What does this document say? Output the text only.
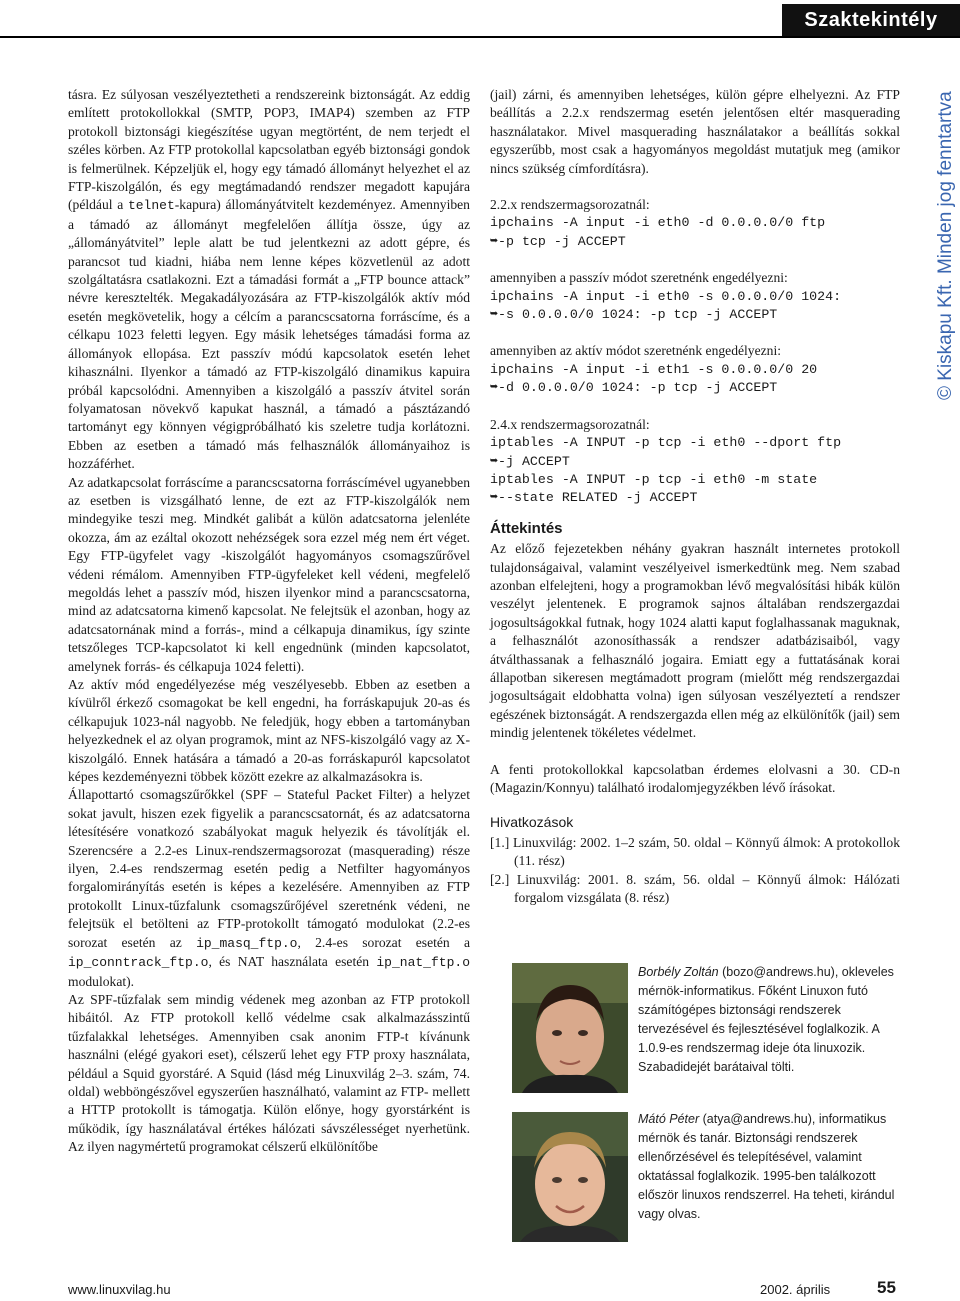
Szaktekintély

tásra. Ez súlyosan veszélyeztetheti a rendszereink biztonságát. Az eddig említett protokollokkal (SMTP, POP3, IMAP4) szemben az FTP protokoll biztonsági kiegészítése ugyan megtörtént, de nem terjedt el széles körben. Az FTP protokollal kapcsolatban egyéb biztonsági gondok is felmerülnek. Képzeljük el, hogy egy támadó állományt helyezhet el az FTP-kiszolgálón, és egy megtámadandó rendszer megadott kapujára (például a telnet-kapura) állományátvitelt kezdeményez. Amennyiben a támadó az állományt megfelelően állítja össze, úgy az „állományátvitel” leple alatt be tud jelentkezni az adott gépre, és parancsot tud kiadni, hiába nem lenne képes közvetlenül az adott szolgáltatásra csatlakozni. Ezt a támadási formát a „FTP bounce attack” névre keresztelték. Megakadályozására az FTP-kiszolgálók aktív mód esetén megkövetelik, hogy a célcím a parancscsatorna forráscíme, és a célkapu 1023 feletti legyen. Egy másik lehetséges támadási forma az állományok ellopása. Ezt passzív módú kapcsolatok esetén lehet kihasználni. Ilyenkor a támadó az FTP-kiszolgáló dinamikus kapuira próbál kapcsolódni. Amennyiben a kiszolgáló a passzív átvitel során folyamatosan növekvő kapukat használ, a támadó a pásztázandó tartományt egy könnyen végigpróbálható kis szeletre tudja korlátozni. Ebben az esetben a támadó más felhasználók állományaihoz is hozzáférhet.

Az adatkapcsolat forráscíme a parancscsatorna forráscímével ugyanebben az esetben is vizsgálható lenne, de ezt az FTP-kiszolgálók nem mindegyike teszi meg. Mindkét galibát a külön adatcsatorna jelenléte okozza, ám az ezáltal okozott nehézségek sora ezzel még nem ért véget. Egy FTP-ügyfelet vagy -kiszolgálót hagyományos csomagszűrővel védeni rémálom. Amennyiben FTP-ügyfeleket kell védeni, megfelelő megoldás lehet a passzív mód, hiszen ilyenkor mind a parancscsatorna, mind az adatcsatorna kimenő kapcsolat. Ne felejtsük el azonban, hogy az adatcsatornának mind a forrás-, mind a célkapuja dinamikus, így szinte tetszőleges TCP-kapcsolatot ki kell engednünk (minden kapcsolatot, amelynek forrás- és célkapuja 1024 feletti).

Az aktív mód engedélyezése még veszélyesebb. Ebben az esetben a kívülről érkező csomagokat be kell engedni, ha forráskapujuk 20-as és célkapujuk 1023-nál nagyobb. Ne feledjük, hogy ebben a tartományban helyezkednek el az olyan programok, mint az NFS-kiszolgáló vagy az X-kiszolgáló. Ennek hatására a támadó a 20-as forráskapuról kapcsolatot képes kezdeményezni többek között ezekre az alkalmazásokra is.

Állapottartó csomagszűrőkkel (SPF – Stateful Packet Filter) a helyzet sokat javult, hiszen ezek figyelik a parancscsatornát, és az adatcsatorna létesítésére vonatkozó szabályokat maguk helyezik és távolítják el. Szerencsére a 2.2-es Linux-rendszermagsorozat (masquerading) része ilyen, 2.4-es rendszermag esetén pedig a Netfilter hagyományos forgalomirányítás esetén is képes a kezelésére. Amennyiben az FTP protokollt Linux-tűzfalunk csomagszűrőjével szeretnénk védeni, ne felejtsük el betölteni az FTP-protokollt támogató modulokat (2.2-es sorozat esetén az ip_masq_ftp.o, 2.4-es sorozat esetén a ip_conntrack_ftp.o, és NAT használata esetén ip_nat_ftp.o modulokat).

Az SPF-tűzfalak sem mindig védenek meg azonban az FTP protokoll hibáitól. Az FTP protokoll kellő védelme csak alkalmazásszintű tűzfalakkal lehetséges. Amennyiben csak anonim FTP-t kívánunk használni (elégé gyakori eset), célszerű lehet egy FTP proxy használata, például a Squid gyorstáré. A Squid (lásd még Linuxvilág 2–3. szám, 74. oldal) webböngészővel egyszerűen használható, valamint az FTP- mellett a HTTP protokollt is támogatja. Külön előnye, hogy gyorstárként is működik, így használatával értékes hálózati sávszélességet nyerhetünk. Az ilyen nagymértetű programokat célszerű elkülönítőbe

(jail) zárni, és amennyiben lehetséges, külön gépre elhelyezni. Az FTP beállítás a 2.2.x rendszermag esetén jelentősen eltér masquerading használatakor. Mivel masquerading használatakor a beállítás sokkal egyszerűbb, most csak a hagyományos megoldást mutatjuk meg (amikor nincs szükség címfordításra).

2.2.x rendszermagsorozatnál:

ipchains -A input -i eth0 -d 0.0.0.0/0 ftp
➥-p tcp -j ACCEPT

amennyiben a passzív módot szeretnénk engedélyezni:

ipchains -A input -i eth0 -s 0.0.0.0/0 1024:
➥-s 0.0.0.0/0 1024: -p tcp -j ACCEPT

amennyiben az aktív módot szeretnénk engedélyezni:

ipchains -A input -i eth1 -s 0.0.0.0/0 20
➥-d 0.0.0.0/0 1024: -p tcp -j ACCEPT

2.4.x rendszermagsorozatnál:

iptables -A INPUT -p tcp -i eth0 --dport ftp
➥-j ACCEPT
iptables -A INPUT -p tcp -i eth0 -m state
➥--state RELATED -j ACCEPT
Áttekintés

Az előző fejezetekben néhány gyakran használt internetes protokoll tulajdonságaival, valamint veszélyeivel ismerkedtünk meg. Nem szabad azonban elfelejteni, hogy a programokban lévő megvalósítási hibák külön veszélyt jelentenek. E programok sajnos általában rendszergazdai jogosultságokkal futnak, hogy 1024 alatti kaput foglalhassanak maguknak, a felhasználót azonosíthassák a rendszer adatbázisaiból, vagy átválthassanak a felhasználó jogaira. Emiatt egy a futtatásának korai állapotban sikeresen megtámadott program (mielőtt még rendszergazdai jogosultságait eldobhatta volna) igen súlyosan veszélyeztetí a rendszer egészének biztonságát. A rendszergazda ellen még az elkülönítők (jail) sem mindig jelentenek tökéletes védelmet.

A fenti protokollokkal kapcsolatban érdemes elolvasni a 30. CD-n (Magazin/Konnyu) található irodalomjegyzékben lévő írásokat.

Hivatkozások

[1.] Linuxvilág: 2002. 1–2 szám, 50. oldal – Könnyű álmok: A protokollok (11. rész)

[2.] Linuxvilág: 2001. 8. szám, 56. oldal – Könnyű álmok: Hálózati forgalom vizsgálata (8. rész)

© Kiskapu Kft. Minden jog fenntartva
Borbély Zoltán (bozo@andrews.hu), okleveles mérnök-informatikus. Főként Linuxon futó számítógépes biztonsági rendszerek tervezésével és fejlesztésével foglalkozik. A 1.0.9-es rendszermag ideje óta linuxozik. Szabadidejét barátaival tölti.
Mátó Péter (atya@andrews.hu), informatikus mérnök és tanár. Biztonsági rendszerek ellenőrzésével és telepítésével, valamint oktatással foglalkozik. 1995-ben találkozott először linuxos rendszerrel. Ha teheti, kirándul vagy olvas.
www.linuxvilag.hu	2002. április	55
